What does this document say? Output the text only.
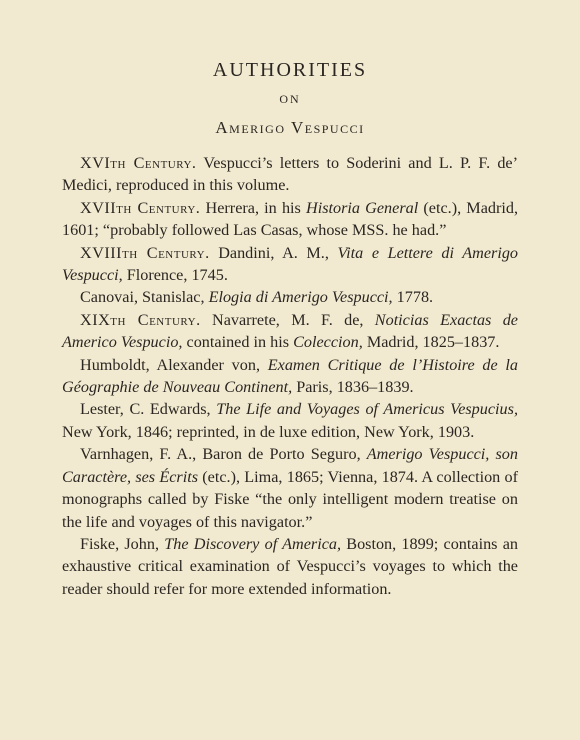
AUTHORITIES
ON
Amerigo Vespucci

XVIth Century. Vespucci’s letters to Soderini and L. P. F. de’ Medici, reproduced in this volume.

XVIIth Century. Herrera, in his Historia General (etc.), Madrid, 1601; “probably followed Las Casas, whose MSS. he had.”

XVIIIth Century. Dandini, A. M., Vita e Lettere di Amerigo Vespucci, Florence, 1745.

Canovai, Stanislac, Elogia di Amerigo Vespucci, 1778.

XIXth Century. Navarrete, M. F. de, Noticias Exactas de Americo Vespucio, contained in his Coleccion, Madrid, 1825–1837.

Humboldt, Alexander von, Examen Critique de l’Histoire de la Géographie de Nouveau Continent, Paris, 1836–1839.

Lester, C. Edwards, The Life and Voyages of Americus Vespucius, New York, 1846; reprinted, in de luxe edition, New York, 1903.

Varnhagen, F. A., Baron de Porto Seguro, Amerigo Vespucci, son Caractère, ses Écrits (etc.), Lima, 1865; Vienna, 1874. A collection of monographs called by Fiske “the only intelligent modern treatise on the life and voyages of this navigator.”

Fiske, John, The Discovery of America, Boston, 1899; contains an exhaustive critical examination of Vespucci’s voyages to which the reader should refer for more extended information.
